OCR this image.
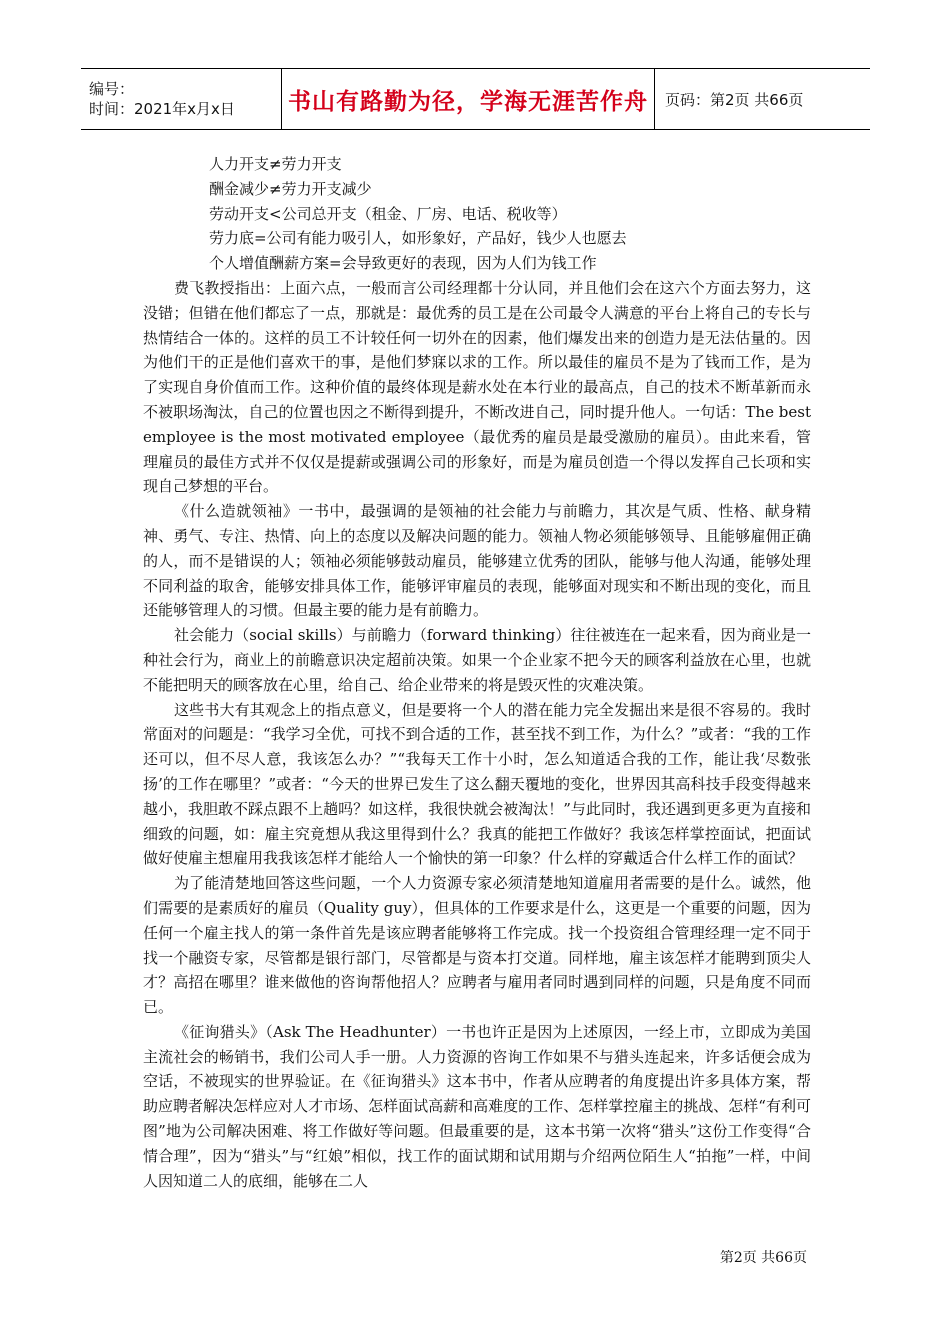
编号：
时间：2021年x月x日	书山有路勤为径，学海无涯苦作舟	页码：第2页 共66页

人力开支≠劳力开支

酬金减少≠劳力开支减少

劳动开支<公司总开支（租金、厂房、电话、税收等）

劳力底=公司有能力吸引人，如形象好，产品好，钱少人也愿去

个人增值酬薪方案=会导致更好的表现，因为人们为钱工作

费飞教授指出：上面六点，一般而言公司经理都十分认同，并且他们会在这六个方面去努力，这没错；但错在他们都忘了一点，那就是：最优秀的员工是在公司最令人满意的平台上将自己的专长与热情结合一体的。这样的员工不计较任何一切外在的因素，他们爆发出来的创造力是无法估量的。因为他们干的正是他们喜欢干的事，是他们梦寐以求的工作。所以最佳的雇员不是为了钱而工作，是为了实现自身价值而工作。这种价值的最终体现是薪水处在本行业的最高点，自己的技术不断革新而永不被职场淘汰，自己的位置也因之不断得到提升，不断改进自己，同时提升他人。一句话：The best employee is the most motivated employee（最优秀的雇员是最受激励的雇员）。由此来看，管理雇员的最佳方式并不仅仅是提薪或强调公司的形象好，而是为雇员创造一个得以发挥自己长项和实现自己梦想的平台。

《什么造就领袖》一书中，最强调的是领袖的社会能力与前瞻力，其次是气质、性格、献身精神、勇气、专注、热情、向上的态度以及解决问题的能力。领袖人物必须能够领导、且能够雇佣正确的人，而不是错误的人；领袖必须能够鼓动雇员，能够建立优秀的团队，能够与他人沟通，能够处理不同利益的取舍，能够安排具体工作，能够评审雇员的表现，能够面对现实和不断出现的变化，而且还能够管理人的习惯。但最主要的能力是有前瞻力。

社会能力（social skills）与前瞻力（forward thinking）往往被连在一起来看，因为商业是一种社会行为，商业上的前瞻意识决定超前决策。如果一个企业家不把今天的顾客利益放在心里，也就不能把明天的顾客放在心里，给自己、给企业带来的将是毁灭性的灾难决策。

这些书大有其观念上的指点意义，但是要将一个人的潜在能力完全发掘出来是很不容易的。我时常面对的问题是：“我学习全优，可找不到合适的工作，甚至找不到工作，为什么？”或者：“我的工作还可以，但不尽人意，我该怎么办？”“我每天工作十小时，怎么知道适合我的工作，能让我‘尽数张扬’的工作在哪里？”或者：“今天的世界已发生了这么翻天覆地的变化，世界因其高科技手段变得越来越小，我胆敢不踩点跟不上趟吗？如这样，我很快就会被淘汰！”与此同时，我还遇到更多更为直接和细致的问题，如：雇主究竟想从我这里得到什么？我真的能把工作做好？我该怎样掌控面试，把面试做好使雇主想雇用我我该怎样才能给人一个愉快的第一印象？什么样的穿戴适合什么样工作的面试？

为了能清楚地回答这些问题，一个人力资源专家必须清楚地知道雇用者需要的是什么。诚然，他们需要的是素质好的雇员（Quality guy），但具体的工作要求是什么，这更是一个重要的问题，因为任何一个雇主找人的第一条件首先是该应聘者能够将工作完成。找一个投资组合管理经理一定不同于找一个融资专家，尽管都是银行部门，尽管都是与资本打交道。同样地，雇主该怎样才能聘到顶尖人才？高招在哪里？谁来做他的咨询帮他招人？应聘者与雇用者同时遇到同样的问题，只是角度不同而已。

《征询猎头》（Ask The Headhunter）一书也许正是因为上述原因，一经上市，立即成为美国主流社会的畅销书，我们公司人手一册。人力资源的咨询工作如果不与猎头连起来，许多话便会成为空话，不被现实的世界验证。在《征询猎头》这本书中，作者从应聘者的角度提出许多具体方案，帮助应聘者解决怎样应对人才市场、怎样面试高薪和高难度的工作、怎样掌控雇主的挑战、怎样“有利可图”地为公司解决困难、将工作做好等问题。但最重要的是，这本书第一次将“猎头”这份工作变得“合情合理”，因为“猎头”与“红娘”相似，找工作的面试期和试用期与介绍两位陌生人“拍拖”一样，中间人因知道二人的底细，能够在二人

第2页 共66页
